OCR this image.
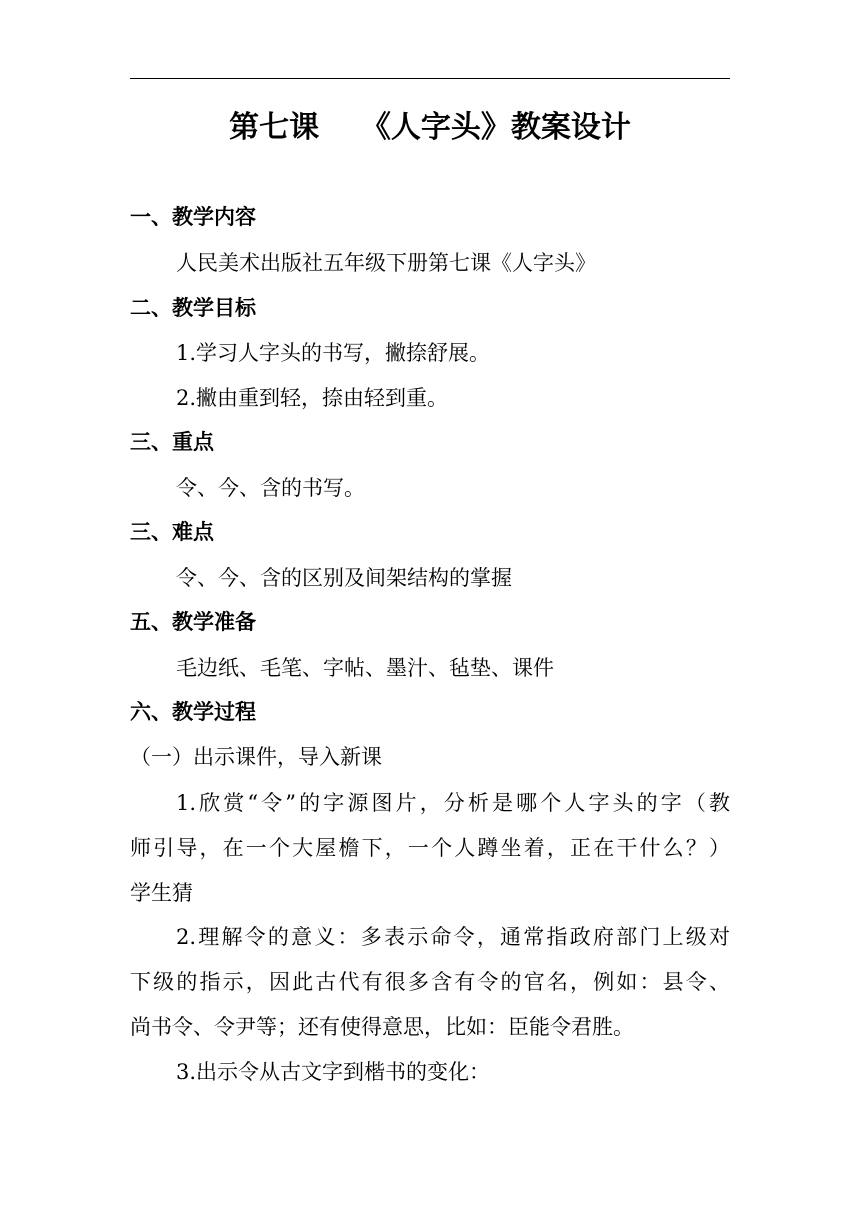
第七课    《人字头》教案设计
一、教学内容
人民美术出版社五年级下册第七课《人字头》
二、教学目标
1.学习人字头的书写，撇捺舒展。
2.撇由重到轻，捺由轻到重。
三、重点
令、今、含的书写。
三、难点
令、今、含的区别及间架结构的掌握
五、教学准备
毛边纸、毛笔、字帖、墨汁、毡垫、课件
六、教学过程
（一）出示课件，导入新课
1.欣赏“令”的字源图片，分析是哪个人字头的字（教
师引导，在一个大屋檐下，一个人蹲坐着，正在干什么？）
学生猜
2.理解令的意义：多表示命令，通常指政府部门上级对
下级的指示，因此古代有很多含有令的官名，例如：县令、
尚书令、令尹等；还有使得意思，比如：臣能令君胜。
3.出示令从古文字到楷书的变化：
